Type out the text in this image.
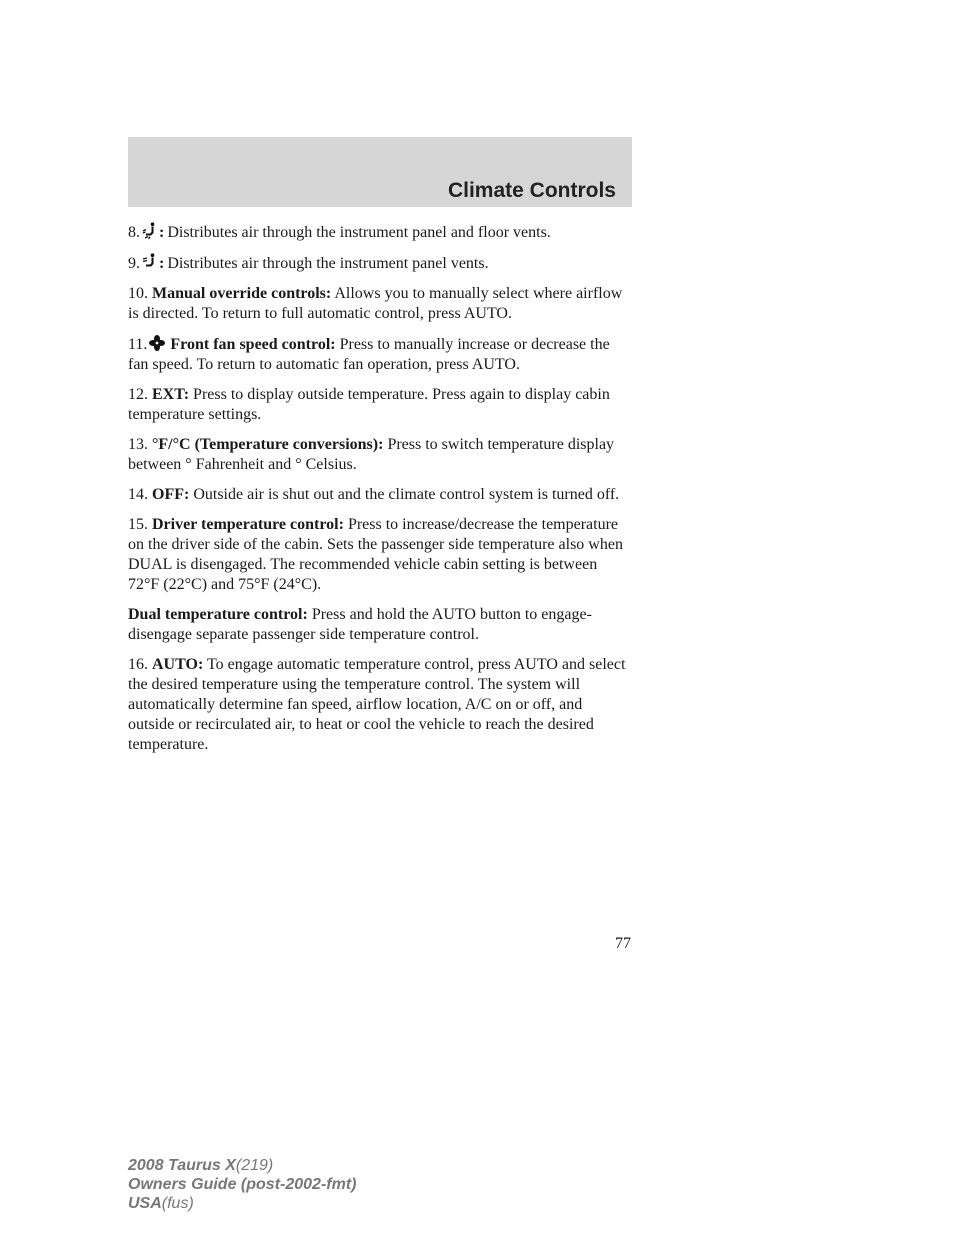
Climate Controls

8. : Distributes air through the instrument panel and floor vents.

9. : Distributes air through the instrument panel vents.

10. Manual override controls: Allows you to manually select where airflow is directed. To return to full automatic control, press AUTO.

11. Front fan speed control: Press to manually increase or decrease the fan speed. To return to automatic fan operation, press AUTO.

12. EXT: Press to display outside temperature. Press again to display cabin temperature settings.

13. °F/°C (Temperature conversions): Press to switch temperature display between ° Fahrenheit and ° Celsius.

14. OFF: Outside air is shut out and the climate control system is turned off.

15. Driver temperature control: Press to increase/decrease the temperature on the driver side of the cabin. Sets the passenger side temperature also when DUAL is disengaged. The recommended vehicle cabin setting is between 72°F (22°C) and 75°F (24°C).

Dual temperature control: Press and hold the AUTO button to engage-disengage separate passenger side temperature control.

16. AUTO: To engage automatic temperature control, press AUTO and select the desired temperature using the temperature control. The system will automatically determine fan speed, airflow location, A/C on or off, and outside or recirculated air, to heat or cool the vehicle to reach the desired temperature.

77
2008 Taurus X(219)
Owners Guide (post-2002-fmt)
USA(fus)
